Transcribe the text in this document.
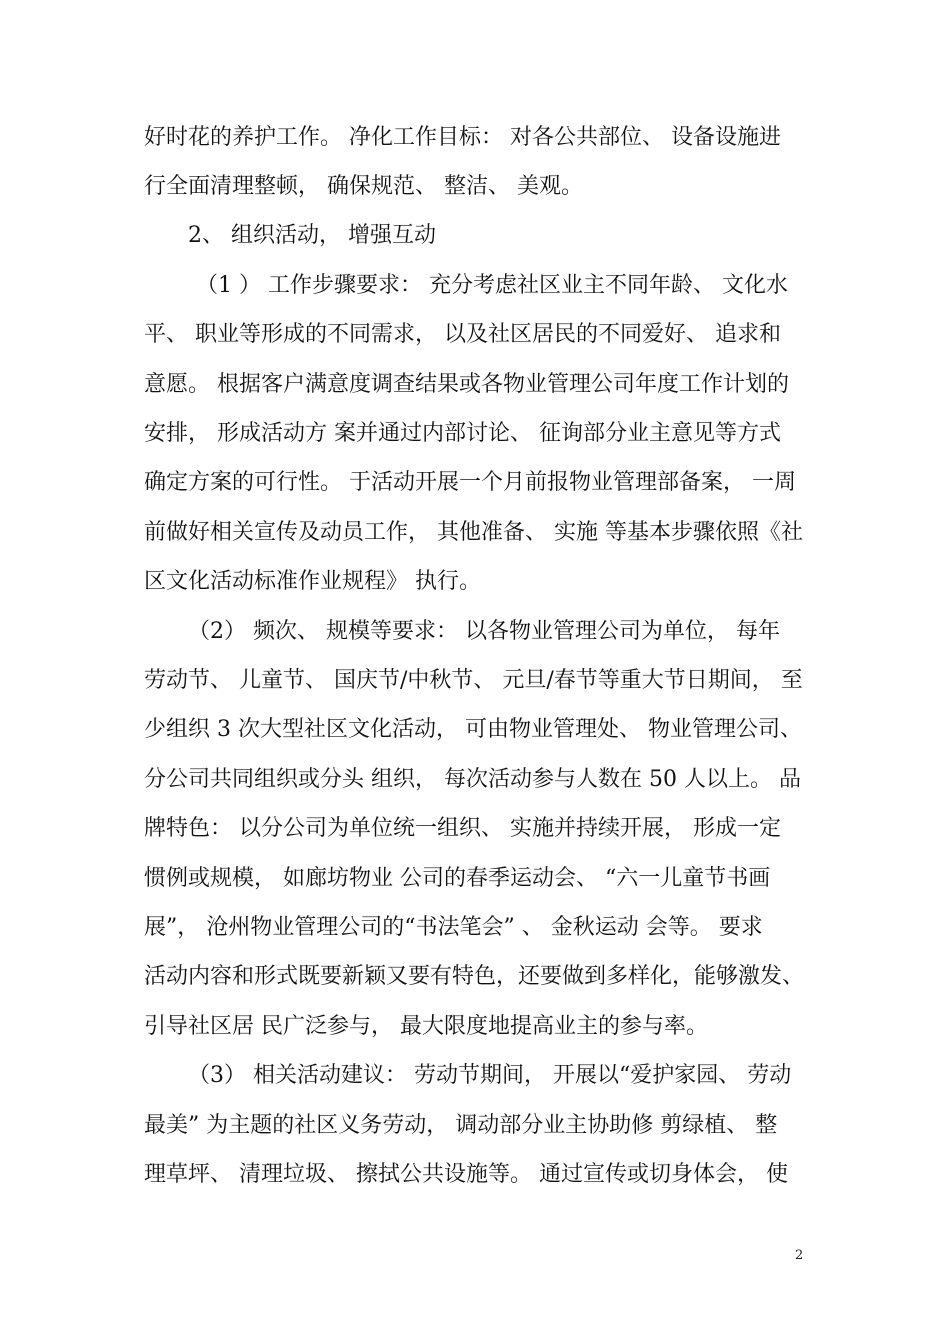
好时花的养护工作。 净化工作目标： 对各公共部位、 设备设施进
行全面清理整顿， 确保规范、 整洁、 美观。
2、 组织活动， 增强互动
（1 ） 工作步骤要求： 充分考虑社区业主不同年龄、 文化水
平、 职业等形成的不同需求， 以及社区居民的不同爱好、 追求和
意愿。 根据客户满意度调查结果或各物业管理公司年度工作计划的
安排， 形成活动方 案并通过内部讨论、 征询部分业主意见等方式
确定方案的可行性。 于活动开展一个月前报物业管理部备案， 一周
前做好相关宣传及动员工作， 其他准备、 实施 等基本步骤依照《社
区文化活动标准作业规程》 执行。
（2） 频次、 规模等要求： 以各物业管理公司为单位， 每年
劳动节、 儿童节、 国庆节/中秋节、 元旦/春节等重大节日期间， 至
少组织 3 次大型社区文化活动， 可由物业管理处、 物业管理公司、
分公司共同组织或分头 组织， 每次活动参与人数在 50 人以上。 品
牌特色： 以分公司为单位统一组织、 实施并持续开展， 形成一定
惯例或规模， 如廊坊物业 公司的春季运动会、 “六一儿童节书画
展”， 沧州物业管理公司的“书法笔会” 、 金秋运动 会等。 要求
活动内容和形式既要新颖又要有特色，还要做到多样化，能够激发、
引导社区居 民广泛参与， 最大限度地提高业主的参与率。
（3） 相关活动建议： 劳动节期间， 开展以“爱护家园、 劳动
最美” 为主题的社区义务劳动， 调动部分业主协助修 剪绿植、 整
理草坪、 清理垃圾、 擦拭公共设施等。 通过宣传或切身体会， 使
2
